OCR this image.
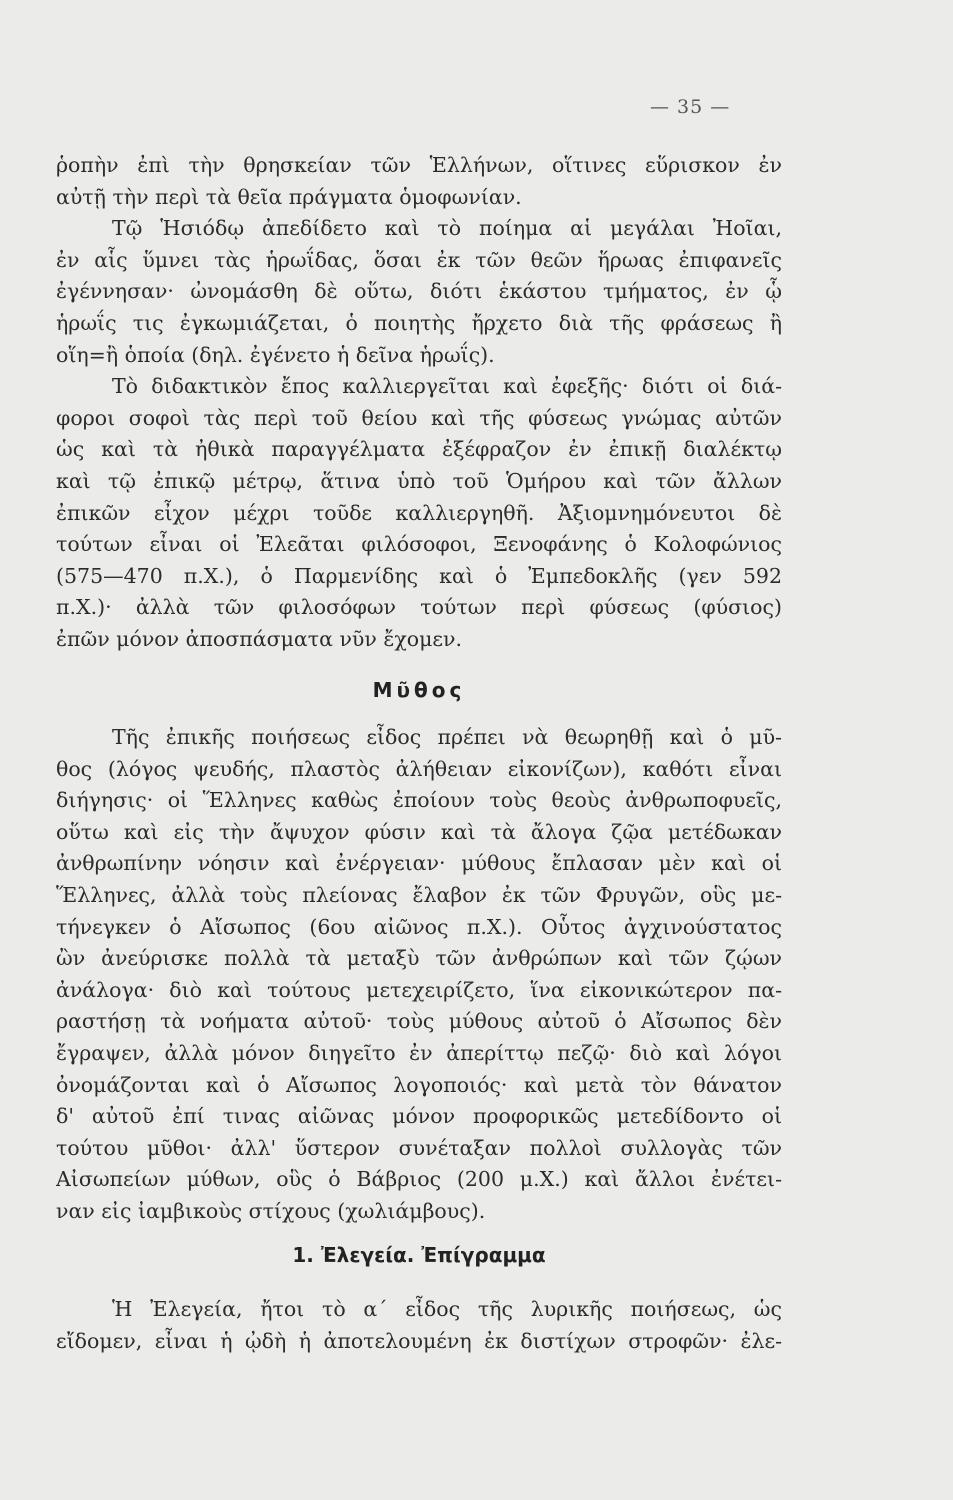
— 35 —
ῥοπὴν ἐπὶ τὴν θρησκείαν τῶν Ἑλλήνων, οἵτινες εὕρισκον ἐν
αὐτῇ τὴν περὶ τὰ θεῖα πράγματα ὁμοφωνίαν.
Τῷ Ἡσιόδῳ ἀπεδίδετο καὶ τὸ ποίημα αἱ μεγάλαι Ἠοῖαι,
ἐν αἷς ὕμνει τὰς ἡρωΐδας, ὅσαι ἐκ τῶν θεῶν ἥρωας ἐπιφανεῖς
ἐγέννησαν· ὠνομάσθη δὲ οὕτω, διότι ἑκάστου τμήματος, ἐν ᾧ
ἡρωΐς τις ἐγκωμιάζεται, ὁ ποιητὴς ἤρχετο διὰ τῆς φράσεως ἢ
οἵη=ἢ ὁποία (δηλ. ἐγένετο ἡ δεῖνα ἡρωΐς).
Τὸ διδακτικὸν ἔπος καλλιεργεῖται καὶ ἐφεξῆς· διότι οἱ διά-
φοροι σοφοὶ τὰς περὶ τοῦ θείου καὶ τῆς φύσεως γνώμας αὐτῶν
ὡς καὶ τὰ ἠθικὰ παραγγέλματα ἐξέφραζον ἐν ἐπικῇ διαλέκτῳ
καὶ τῷ ἐπικῷ μέτρῳ, ἅτινα ὑπὸ τοῦ Ὁμήρου καὶ τῶν ἄλλων
ἐπικῶν εἶχον μέχρι τοῦδε καλλιεργηθῆ. Ἀξιομνημόνευτοι δὲ
τούτων εἶναι οἱ Ἐλεᾶται φιλόσοφοι, Ξενοφάνης ὁ Κολοφώνιος
(575—470 π.Χ.), ὁ Παρμενίδης καὶ ὁ Ἐμπεδοκλῆς (γεν 592
π.Χ.)· ἀλλὰ τῶν φιλοσόφων τούτων περὶ φύσεως (φύσιος)
ἐπῶν μόνον ἀποσπάσματα νῦν ἔχομεν.
Μῦθος
Τῆς ἐπικῆς ποιήσεως εἶδος πρέπει νὰ θεωρηθῇ καὶ ὁ μῦ-
θος (λόγος ψευδής, πλαστὸς ἀλήθειαν εἰκονίζων), καθότι εἶναι
διήγησις· οἱ Ἕλληνες καθὼς ἐποίουν τοὺς θεοὺς ἀνθρωποφυεῖς,
οὕτω καὶ εἰς τὴν ἄψυχον φύσιν καὶ τὰ ἄλογα ζῷα μετέδωκαν
ἀνθρωπίνην νόησιν καὶ ἐνέργειαν· μύθους ἔπλασαν μὲν καὶ οἱ
Ἕλληνες, ἀλλὰ τοὺς πλείονας ἔλαβον ἐκ τῶν Φρυγῶν, οὓς με-
τήνεγκεν ὁ Αἴσωπος (6ου αἰῶνος π.Χ.). Οὗτος ἀγχινούστατος
ὢν ἀνεύρισκε πολλὰ τὰ μεταξὺ τῶν ἀνθρώπων καὶ τῶν ζῴων
ἀνάλογα· διὸ καὶ τούτους μετεχειρίζετο, ἵνα εἰκονικώτερον πα-
ραστήσῃ τὰ νοήματα αὐτοῦ· τοὺς μύθους αὐτοῦ ὁ Αἴσωπος δὲν
ἔγραψεν, ἀλλὰ μόνον διηγεῖτο ἐν ἀπερίττῳ πεζῷ· διὸ καὶ λόγοι
ὀνομάζονται καὶ ὁ Αἴσωπος λογοποιός· καὶ μετὰ τὸν θάνατον
δ' αὐτοῦ ἐπί τινας αἰῶνας μόνον προφορικῶς μετεδίδοντο οἱ
τούτου μῦθοι· ἀλλ' ὕστερον συνέταξαν πολλοὶ συλλογὰς τῶν
Αἰσωπείων μύθων, οὓς ὁ Βάβριος (200 μ.Χ.) καὶ ἄλλοι ἐνέτει-
ναν εἰς ἰαμβικοὺς στίχους (χωλιάμβους).
1. Ἐλεγεία. Ἐπίγραμμα
Ἡ Ἐλεγεία, ἤτοι τὸ α΄ εἶδος τῆς λυρικῆς ποιήσεως, ὡς
εἴδομεν, εἶναι ἡ ᾠδὴ ἡ ἀποτελουμένη ἐκ διστίχων στροφῶν· ἐλε-
